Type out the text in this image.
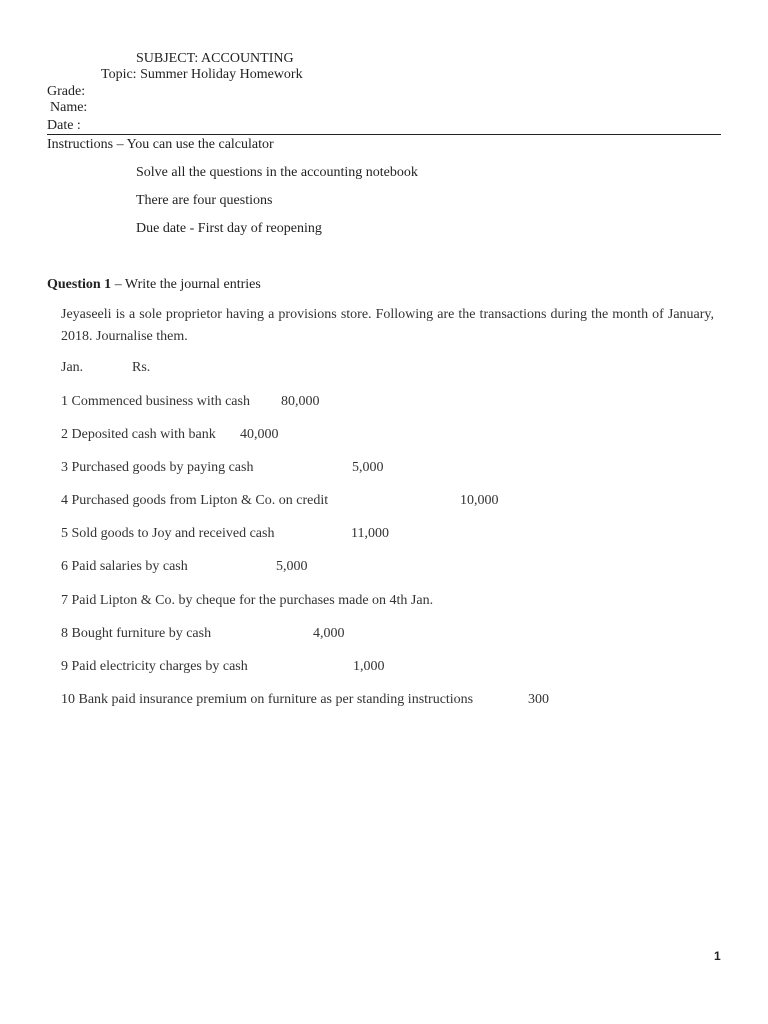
SUBJECT: ACCOUNTING
Topic: Summer Holiday Homework
Grade:
Name:
Date :
Instructions – You can use the calculator
Solve all the questions in the accounting notebook
There are four questions
Due date - First day of reopening
Question 1 – Write the journal entries
Jeyaseeli is a sole proprietor having a provisions store. Following are the transactions during the month of January, 2018. Journalise them.
Jan.	Rs.
1 Commenced business with cash 80,000
2 Deposited cash with bank 40,000
3 Purchased goods by paying cash	5,000
4 Purchased goods from Lipton & Co. on credit	10,000
5 Sold goods to Joy and received cash	11,000
6 Paid salaries by cash	5,000
7 Paid Lipton & Co. by cheque for the purchases made on 4th Jan.
8 Bought furniture by cash	4,000
9 Paid electricity charges by cash	1,000
10 Bank paid insurance premium on furniture as per standing instructions	300
1
